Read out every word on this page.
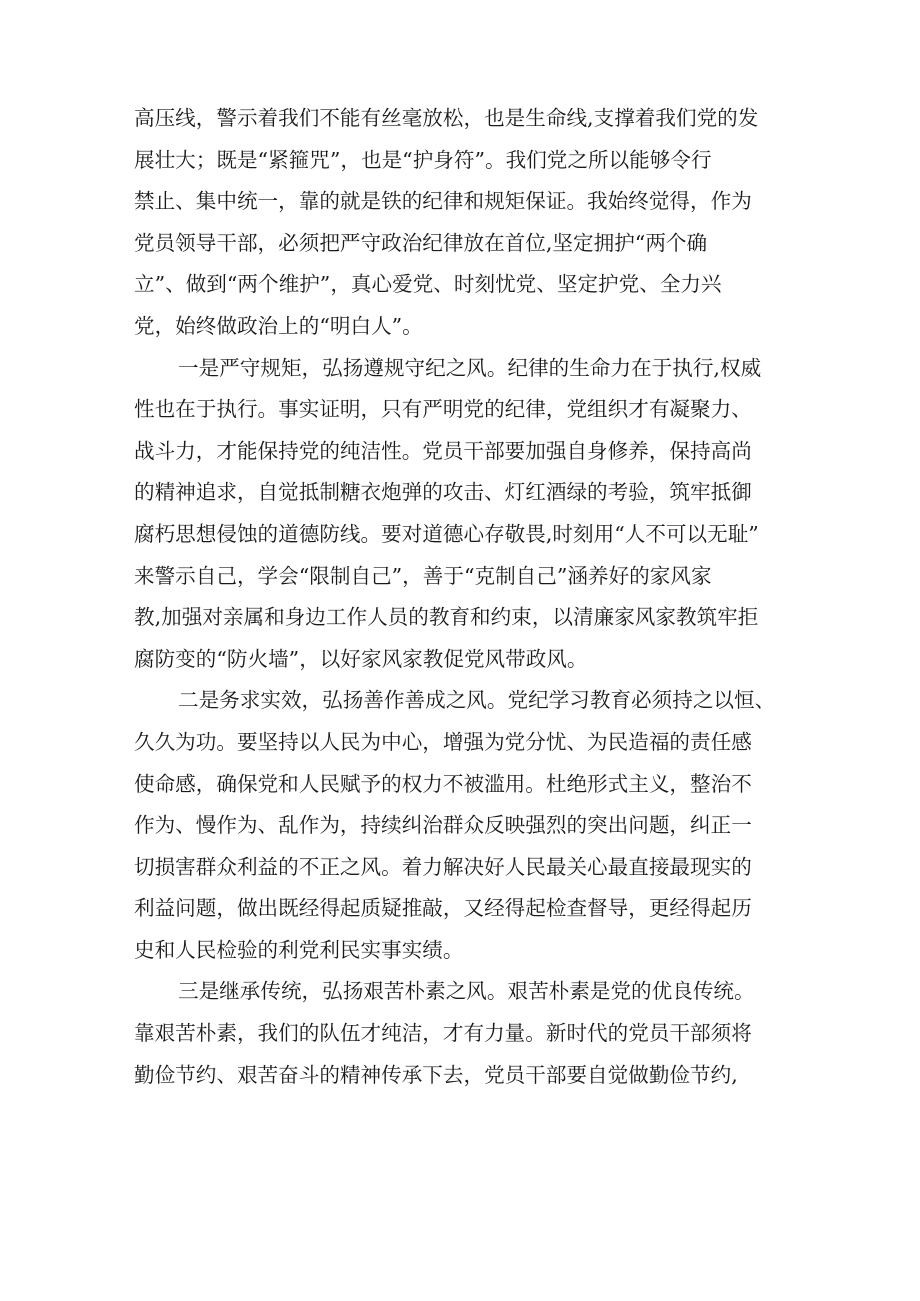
高压线，警示着我们不能有丝毫放松，也是生命线,支撑着我们党的发
展壮大；既是“紧箍咒”，也是“护身符”。我们党之所以能够令行
禁止、集中统一，靠的就是铁的纪律和规矩保证。我始终觉得，作为
党员领导干部，必须把严守政治纪律放在首位,坚定拥护“两个确
立”、做到“两个维护”，真心爱党、时刻忧党、坚定护党、全力兴
党，始终做政治上的“明白人”。
一是严守规矩，弘扬遵规守纪之风。纪律的生命力在于执行,权威
性也在于执行。事实证明，只有严明党的纪律，党组织才有凝聚力、
战斗力，才能保持党的纯洁性。党员干部要加强自身修养，保持高尚
的精神追求，自觉抵制糖衣炮弹的攻击、灯红酒绿的考验，筑牢抵御
腐朽思想侵蚀的道德防线。要对道德心存敬畏,时刻用“人不可以无耻”
来警示自己，学会“限制自己”，善于“克制自己”涵养好的家风家
教,加强对亲属和身边工作人员的教育和约束，以清廉家风家教筑牢拒
腐防变的“防火墙”，以好家风家教促党风带政风。
二是务求实效，弘扬善作善成之风。党纪学习教育必须持之以恒、
久久为功。要坚持以人民为中心，增强为党分忧、为民造福的责任感
使命感，确保党和人民赋予的权力不被滥用。杜绝形式主义，整治不
作为、慢作为、乱作为，持续纠治群众反映强烈的突出问题，纠正一
切损害群众利益的不正之风。着力解决好人民最关心最直接最现实的
利益问题，做出既经得起质疑推敲，又经得起检查督导，更经得起历
史和人民检验的利党利民实事实绩。
三是继承传统，弘扬艰苦朴素之风。艰苦朴素是党的优良传统。
靠艰苦朴素，我们的队伍才纯洁，才有力量。新时代的党员干部须将
勤俭节约、艰苦奋斗的精神传承下去，党员干部要自觉做勤俭节约,
